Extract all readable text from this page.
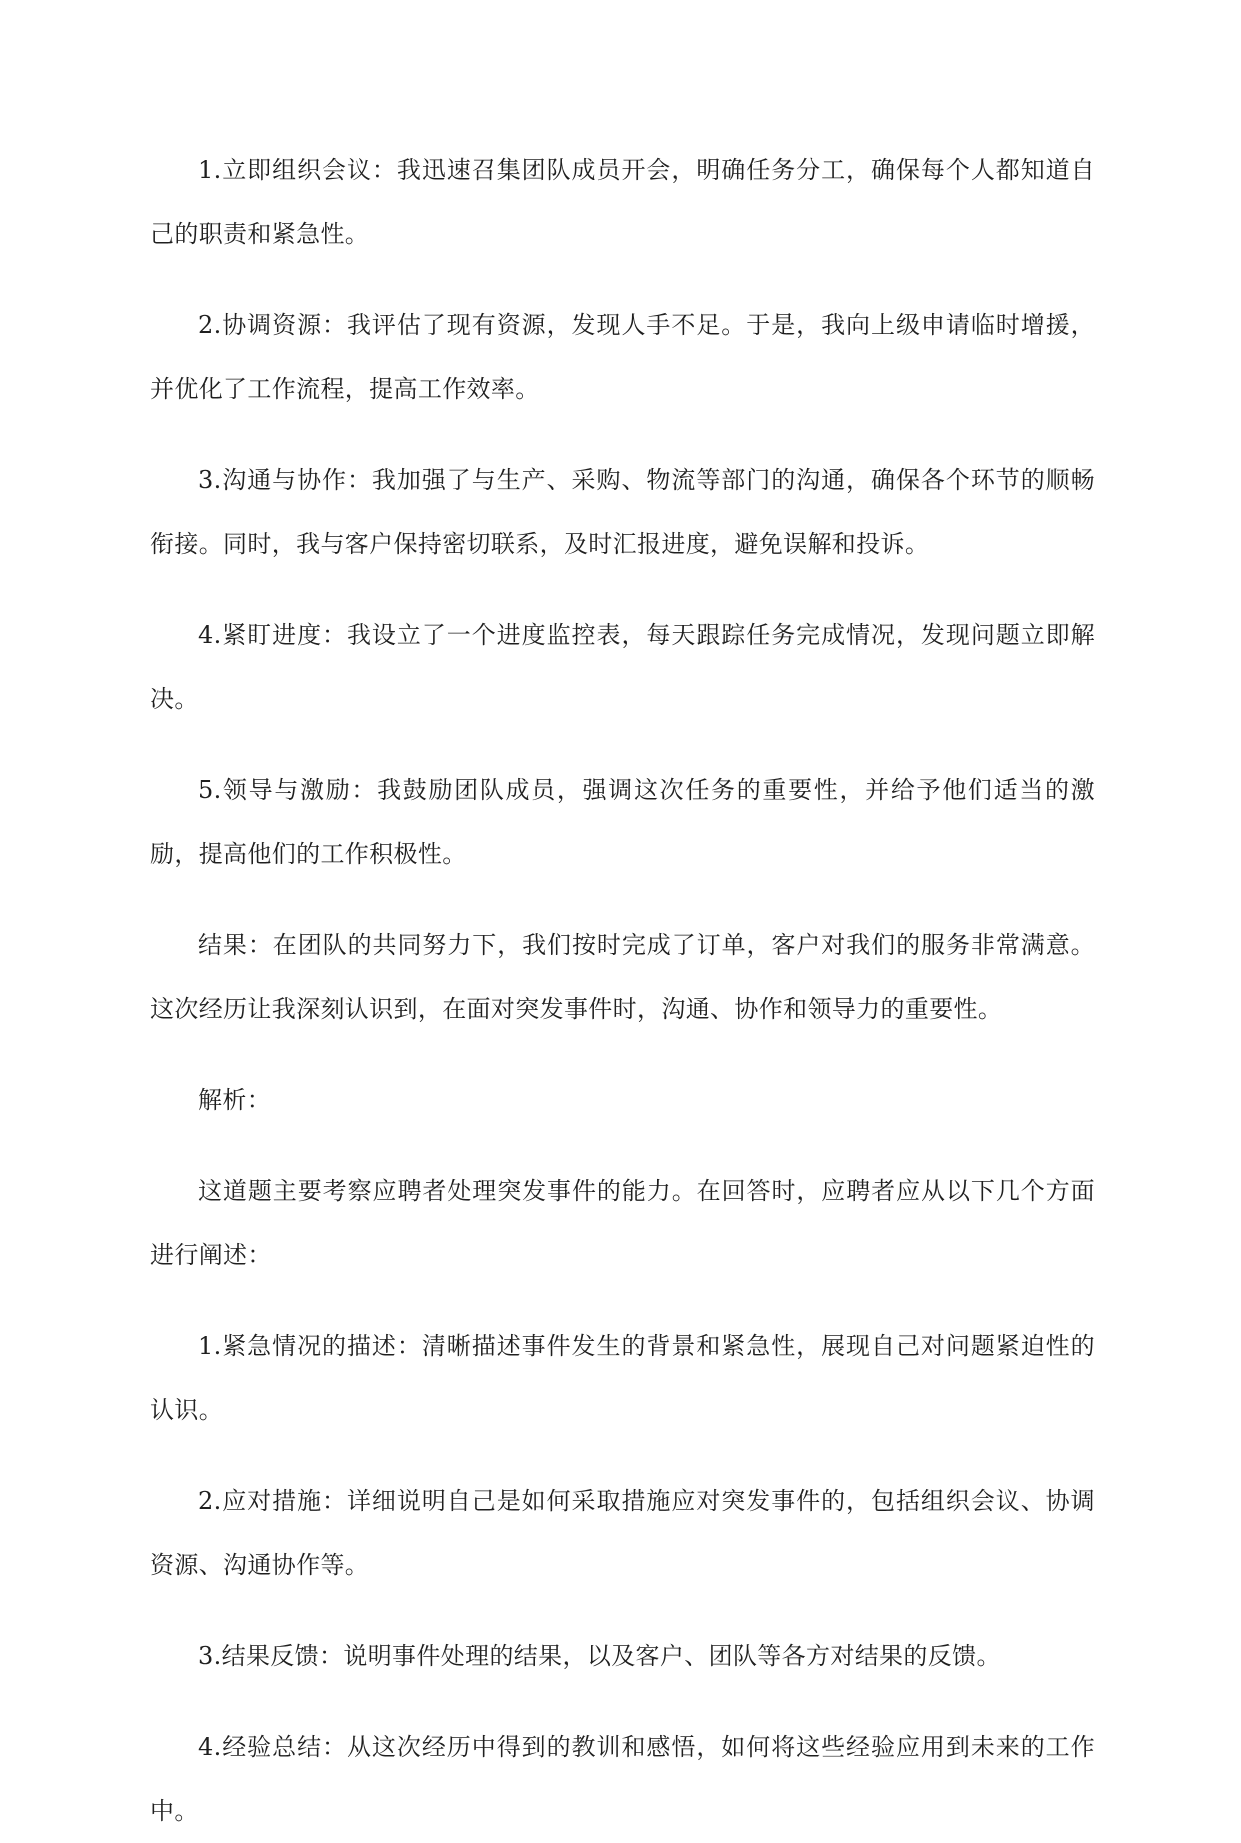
1.立即组织会议：我迅速召集团队成员开会，明确任务分工，确保每个人都知道自己的职责和紧急性。

2.协调资源：我评估了现有资源，发现人手不足。于是，我向上级申请临时增援，并优化了工作流程，提高工作效率。

3.沟通与协作：我加强了与生产、采购、物流等部门的沟通，确保各个环节的顺畅衔接。同时，我与客户保持密切联系，及时汇报进度，避免误解和投诉。

4.紧盯进度：我设立了一个进度监控表，每天跟踪任务完成情况，发现问题立即解决。

5.领导与激励：我鼓励团队成员，强调这次任务的重要性，并给予他们适当的激励，提高他们的工作积极性。

结果：在团队的共同努力下，我们按时完成了订单，客户对我们的服务非常满意。这次经历让我深刻认识到，在面对突发事件时，沟通、协作和领导力的重要性。

解析：

这道题主要考察应聘者处理突发事件的能力。在回答时，应聘者应从以下几个方面进行阐述：

1.紧急情况的描述：清晰描述事件发生的背景和紧急性，展现自己对问题紧迫性的认识。

2.应对措施：详细说明自己是如何采取措施应对突发事件的，包括组织会议、协调资源、沟通协作等。

3.结果反馈：说明事件处理的结果，以及客户、团队等各方对结果的反馈。

4.经验总结：从这次经历中得到的教训和感悟，如何将这些经验应用到未来的工作中。
